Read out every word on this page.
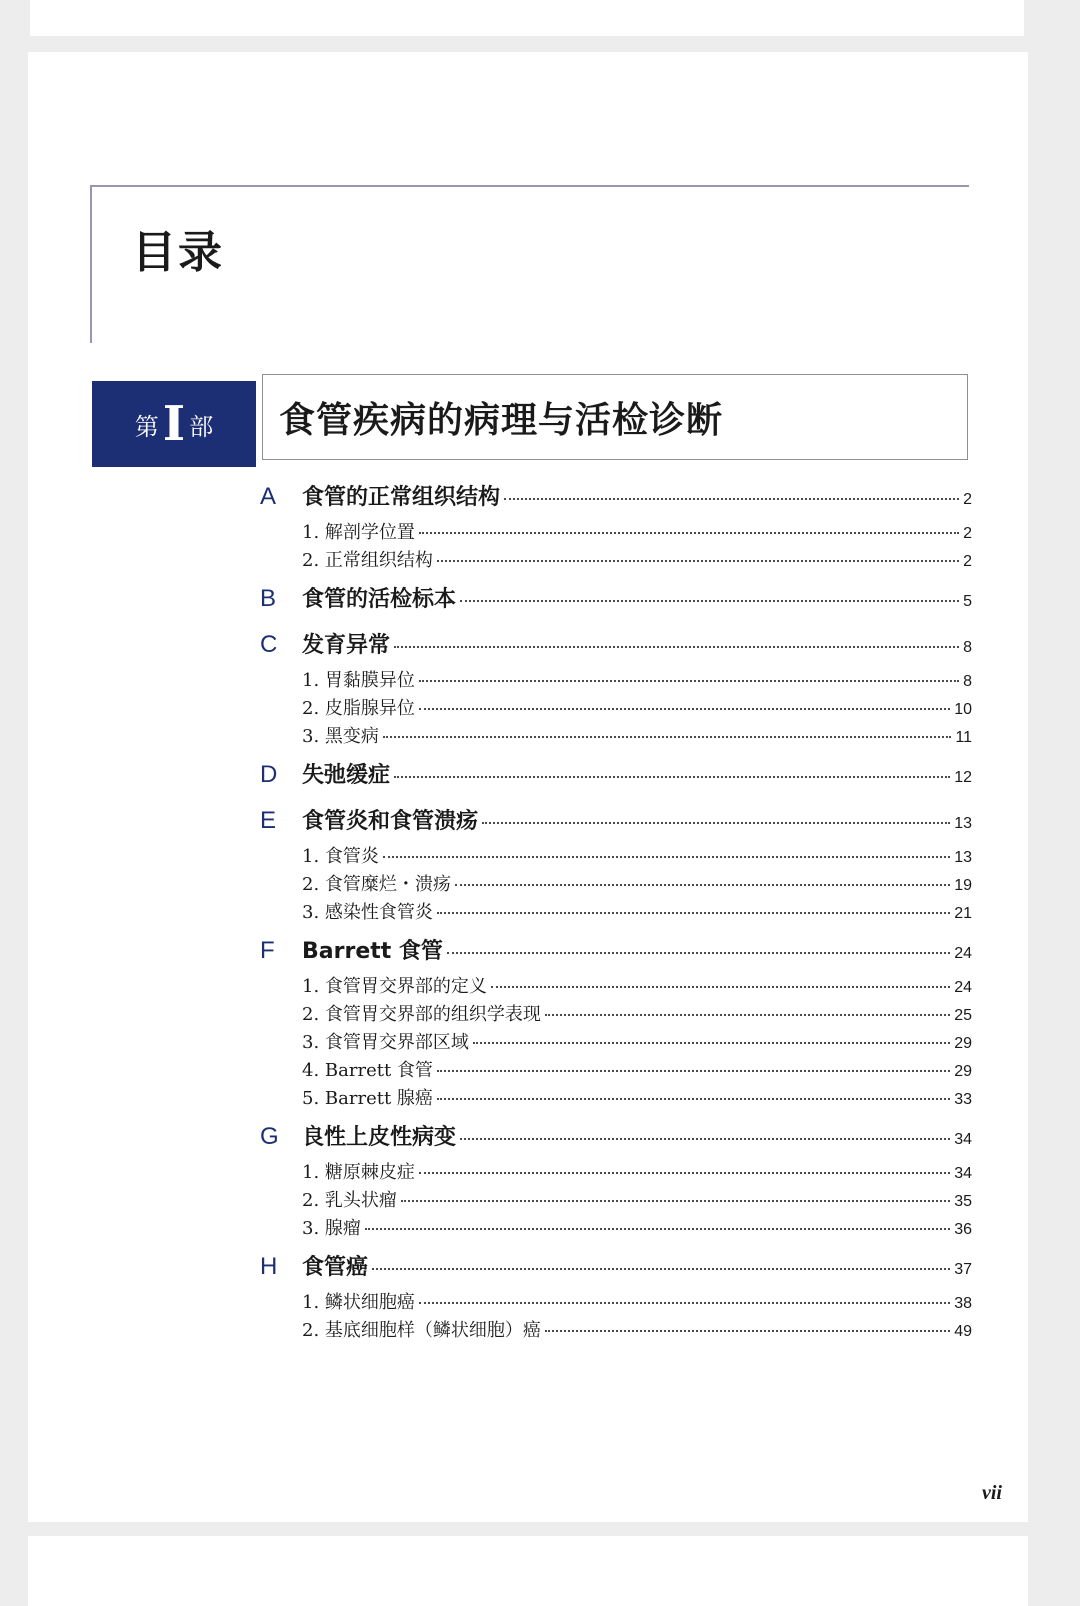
目录
第 I 部 食管疾病的病理与活检诊断
A	食管的正常组织结构	2
1. 解剖学位置	2
2. 正常组织结构	2
B	食管的活检标本	5
C	发育异常	8
1. 胃黏膜异位	8
2. 皮脂腺异位	10
3. 黑变病	11
D	失弛缓症	12
E	食管炎和食管溃疡	13
1. 食管炎	13
2. 食管糜烂・溃疡	19
3. 感染性食管炎	21
F	Barrett 食管	24
1. 食管胃交界部的定义	24
2. 食管胃交界部的组织学表现	25
3. 食管胃交界部区域	29
4. Barrett 食管	29
5. Barrett 腺癌	33
G	良性上皮性病变	34
1. 糖原棘皮症	34
2. 乳头状瘤	35
3. 腺瘤	36
H	食管癌	37
1. 鳞状细胞癌	38
2. 基底细胞样（鳞状细胞）癌	49
vii
